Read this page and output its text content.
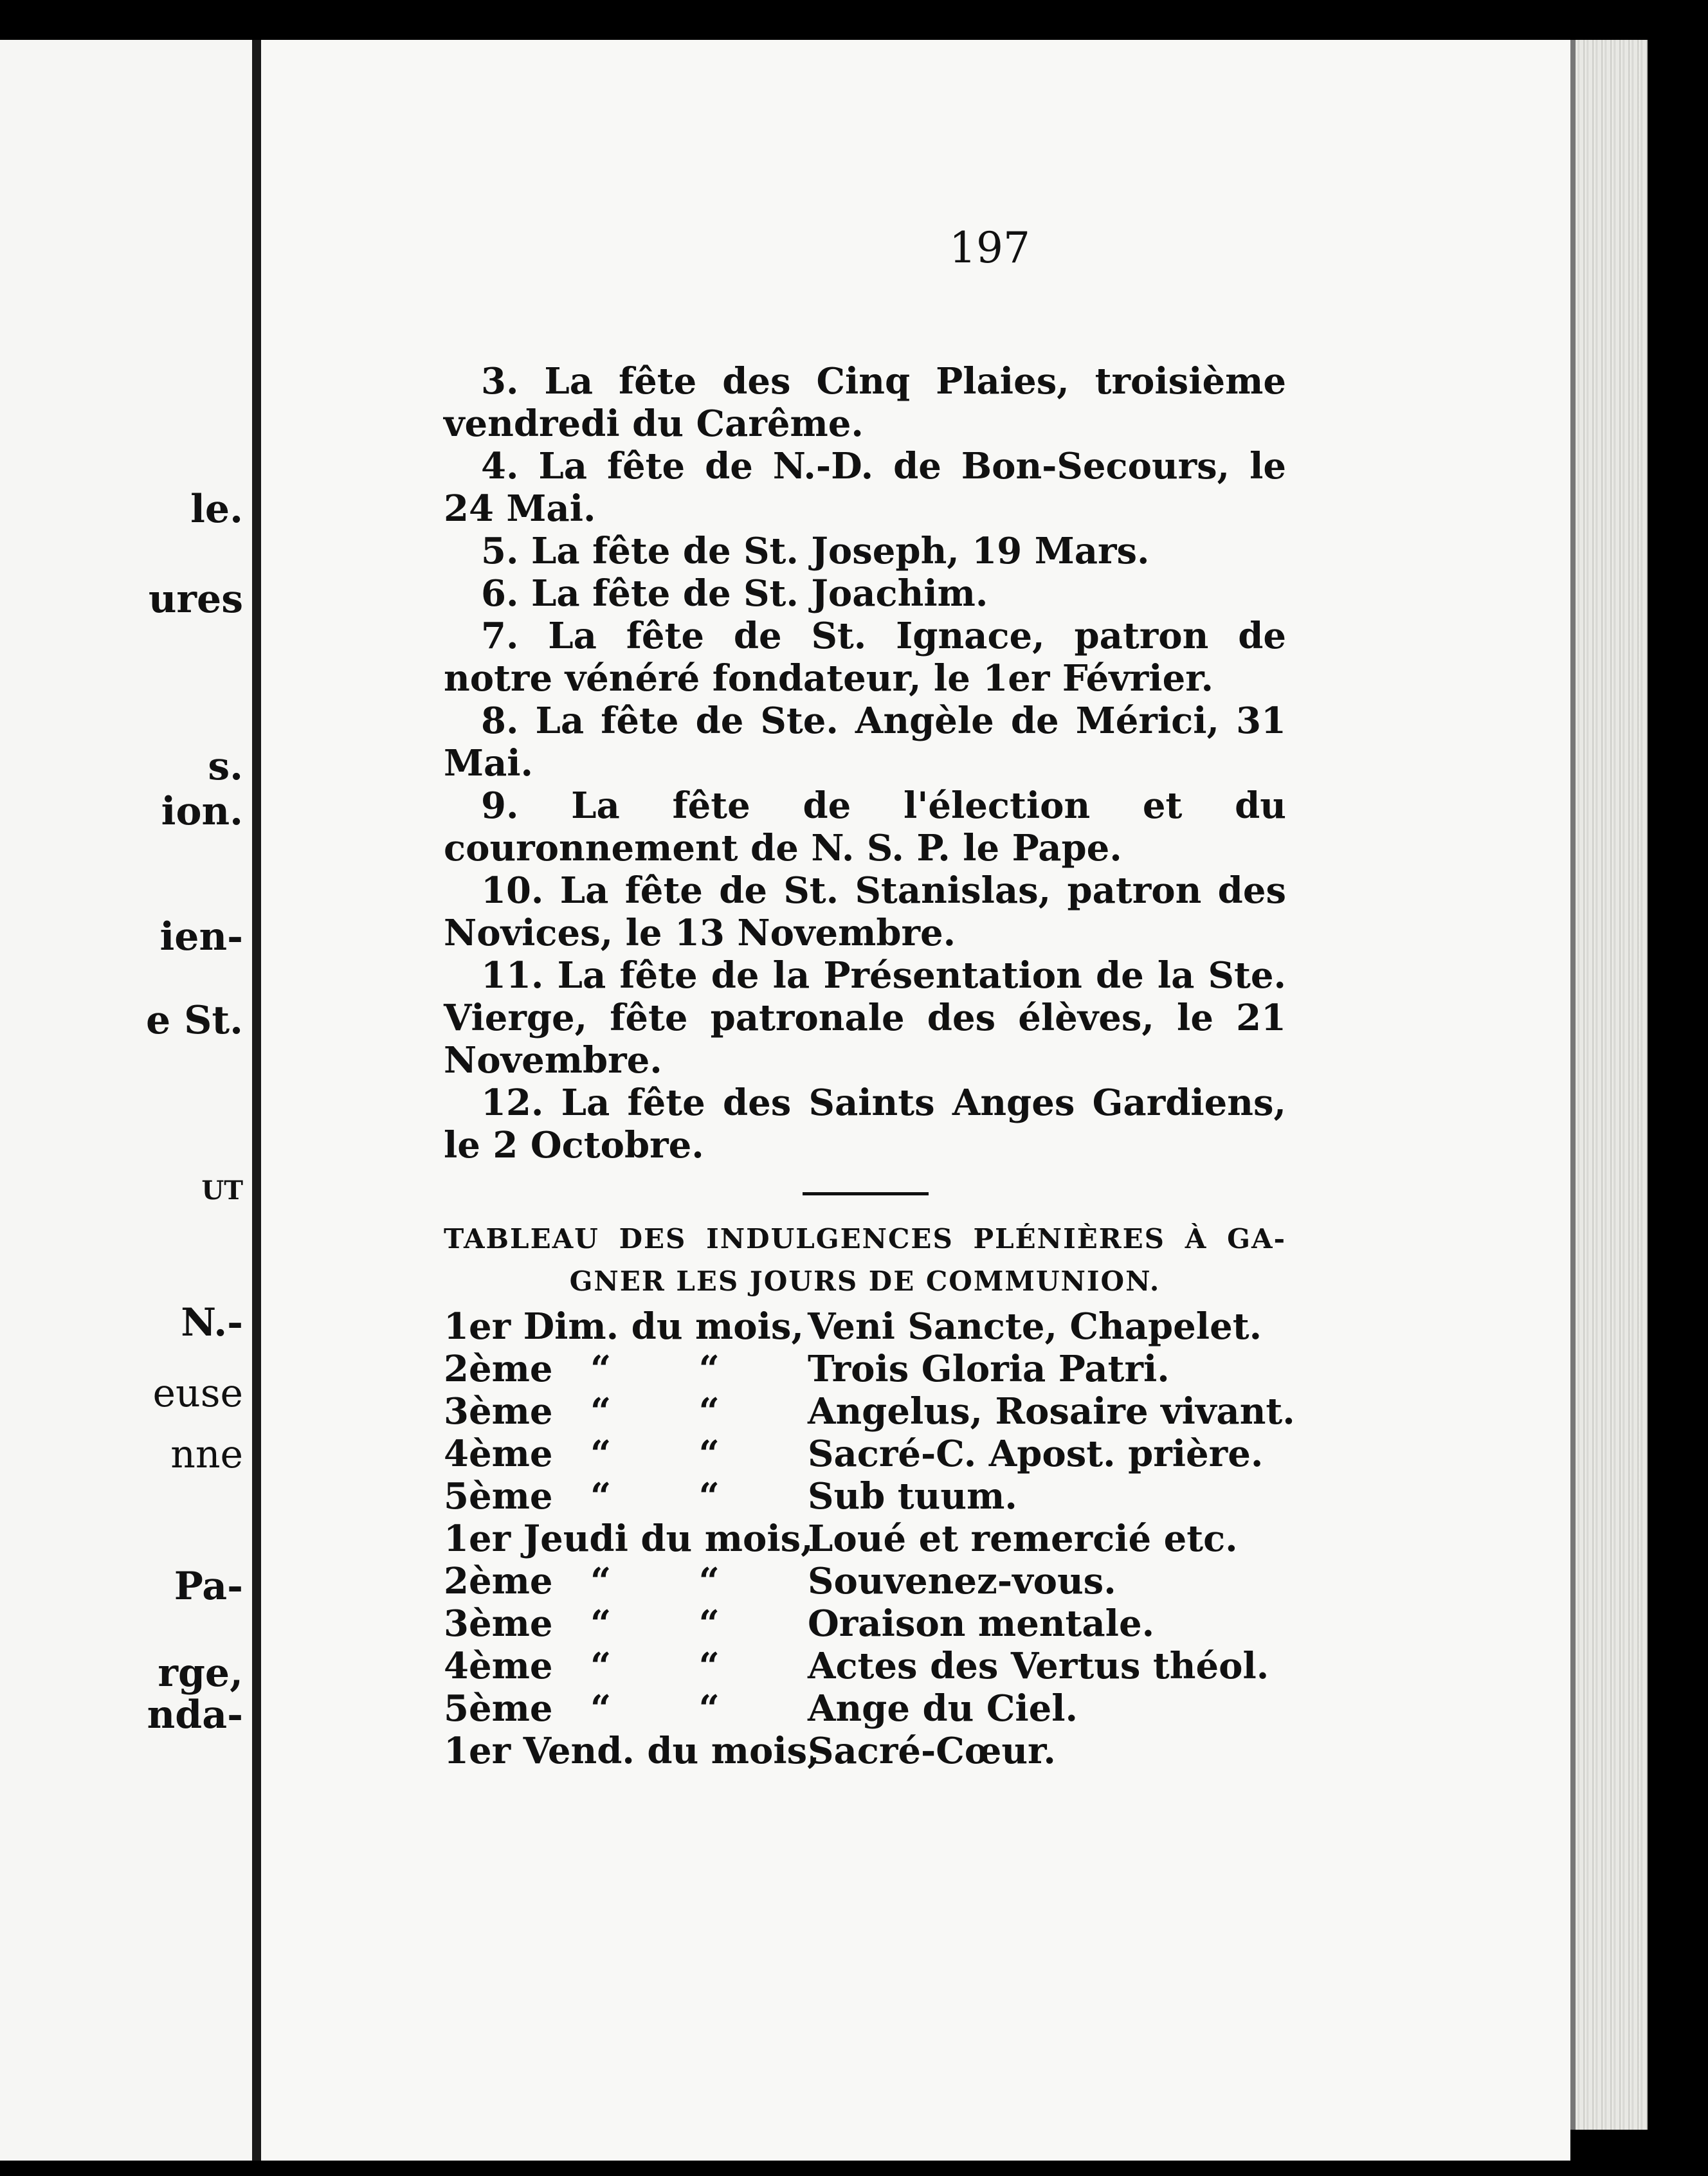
le.
ures
s.
ion.
ien-
e St.
UT
N.-
euse
nne
Pa-
rge,
nda-
197

3. La fête des Cinq Plaies, troisième vendredi du Carême.

4. La fête de N.-D. de Bon-Secours, le 24 Mai.

5. La fête de St. Joseph, 19 Mars.

6. La fête de St. Joachim.

7. La fête de St. Ignace, patron de notre vénéré fondateur, le 1er Février.

8. La fête de Ste. Angèle de Mérici, 31 Mai.

9. La fête de l'élection et du couronnement de N. S. P. le Pape.

10. La fête de St. Stanislas, patron des Novices, le 13 Novembre.

11. La fête de la Présentation de la Ste. Vierge, fête patronale des élèves, le 21 Novembre.

12. La fête des Saints Anges Gardiens, le 2 Octobre.

TABLEAU DES INDULGENCES PLÉNIÈRES À GA-
GNER LES JOURS DE COMMUNION.
1er Dim. du mois, Veni Sancte, Chapelet.
2ème   “       “ Trois Gloria Patri.
3ème   “       “ Angelus, Rosaire vivant.
4ème   “       “ Sacré-C. Apost. prière.
5ème   “       “ Sub tuum.
1er Jeudi du mois,
Loué et remercié etc.
2ème   “       “ Souvenez-vous.
3ème   “       “ Oraison mentale.
4ème   “       “ Actes des Vertus théol.
5ème   “       “ Ange du Ciel.
1er Vend. du mois,
Sacré-Cœur.
